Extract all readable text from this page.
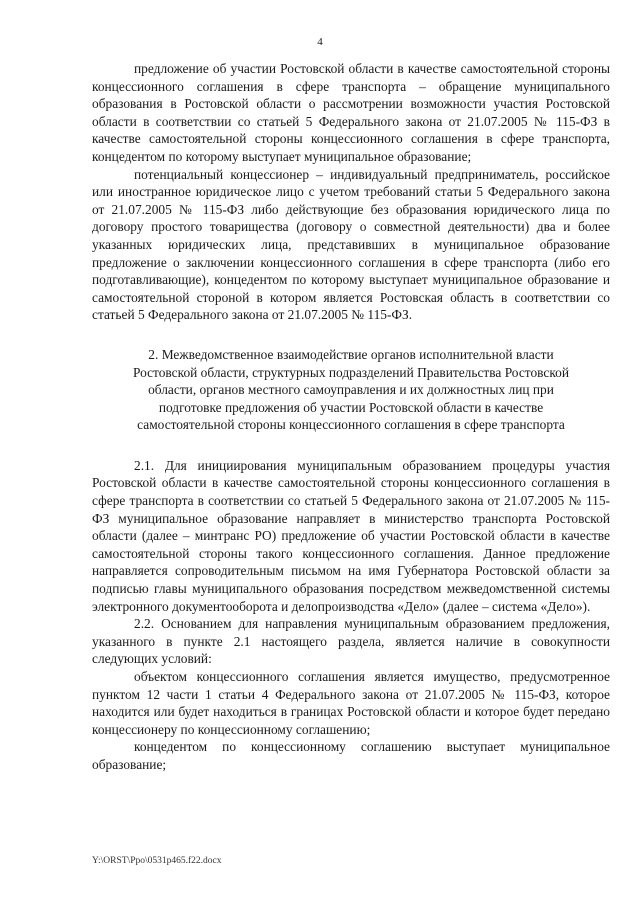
4

предложение об участии Ростовской области в качестве самостоятельной стороны концессионного соглашения в сфере транспорта – обращение муниципального образования в Ростовской области о рассмотрении возможности участия Ростовской области в соответствии со статьей 5 Федерального закона от 21.07.2005 № 115-ФЗ в качестве самостоятельной стороны концессионного соглашения в сфере транспорта, концедентом по которому выступает муниципальное образование;

потенциальный концессионер – индивидуальный предприниматель, российское или иностранное юридическое лицо с учетом требований статьи 5 Федерального закона от 21.07.2005 № 115-ФЗ либо действующие без образования юридического лица по договору простого товарищества (договору о совместной деятельности) два и более указанных юридических лица, представивших в муниципальное образование предложение о заключении концессионного соглашения в сфере транспорта (либо его подготавливающие), концедентом по которому выступает муниципальное образование и самостоятельной стороной в котором является Ростовская область в соответствии со статьей 5 Федерального закона от 21.07.2005 № 115-ФЗ.

2. Межведомственное взаимодействие органов исполнительной власти
Ростовской области, структурных подразделений Правительства Ростовской
области, органов местного самоуправления и их должностных лиц при
подготовке предложения об участии Ростовской области в качестве
самостоятельной стороны концессионного соглашения в сфере транспорта

2.1. Для инициирования муниципальным образованием процедуры участия Ростовской области в качестве самостоятельной стороны концессионного соглашения в сфере транспорта в соответствии со статьей 5 Федерального закона от 21.07.2005 № 115-ФЗ муниципальное образование направляет в министерство транспорта Ростовской области (далее – минтранс РО) предложение об участии Ростовской области в качестве самостоятельной стороны такого концессионного соглашения. Данное предложение направляется сопроводительным письмом на имя Губернатора Ростовской области за подписью главы муниципального образования посредством межведомственной системы электронного документооборота и делопроизводства «Дело» (далее – система «Дело»).

2.2. Основанием для направления муниципальным образованием предложения, указанного в пункте 2.1 настоящего раздела, является наличие в совокупности следующих условий:

объектом концессионного соглашения является имущество, предусмотренное пунктом 12 части 1 статьи 4 Федерального закона от 21.07.2005 № 115-ФЗ, которое находится или будет находиться в границах Ростовской области и которое будет передано концессионеру по концессионному соглашению;

концедентом по концессионному соглашению выступает муниципальное образование;

Y:\ORST\Ppo\0531p465.f22.docx
